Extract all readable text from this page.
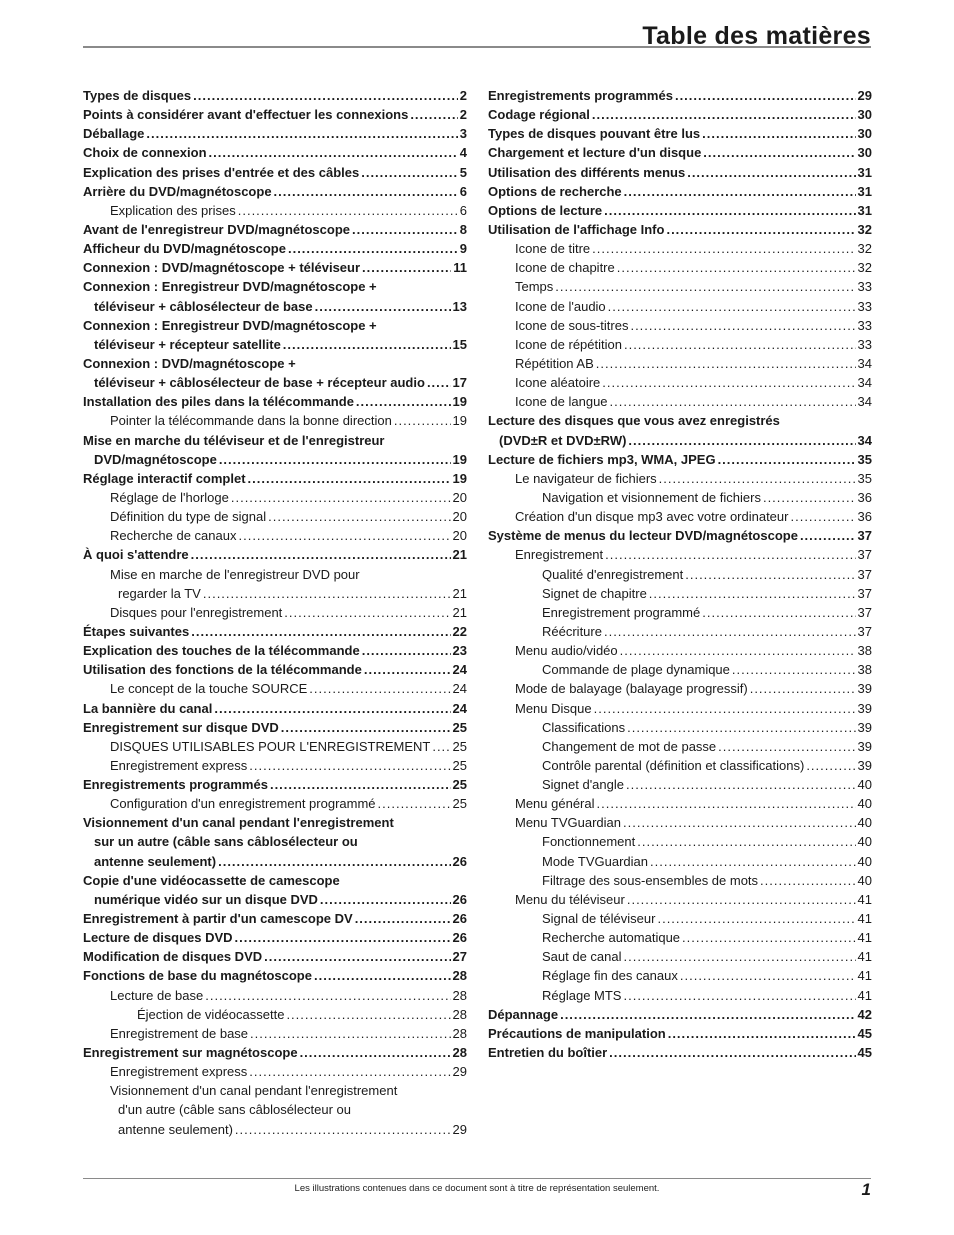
Table des matières
Types de disques .....	2
Points à considérer avant d'effectuer les connexions .....	2
Déballage .....	3
Choix de connexion .....	4
Explication des prises d'entrée et des câbles .....	5
Arrière du DVD/magnétoscope .....	6
Explication des prises .....	6
Avant de l'enregistreur DVD/magnétoscope .....	8
Afficheur du DVD/magnétoscope .....	9
Connexion : DVD/magnétoscope + téléviseur .....	11
Connexion : Enregistreur DVD/magnétoscope +
téléviseur + câblosélecteur de base .....	13
Connexion : Enregistreur DVD/magnétoscope +
téléviseur + récepteur satellite .....	15
Connexion : DVD/magnétoscope +
téléviseur + câblosélecteur de base + récepteur audio ..... 17
Installation des piles dans la télécommande .....	19
Pointer la télécommande dans la bonne direction .....	19
Mise en marche du téléviseur et de l'enregistreur
DVD/magnétoscope .....	19
Réglage interactif complet .....	19
Réglage de l'horloge .....	20
Définition du type de signal .....	20
Recherche de canaux .....	20
À quoi s'attendre .....	21
Mise en marche de l'enregistreur DVD pour
regarder la TV .....	21
Disques pour l'enregistrement .....	21
Étapes suivantes .....	22
Explication des touches de la télécommande .....	23
Utilisation des fonctions de la télécommande .....	24
Le concept de la touche SOURCE .....	24
La bannière du canal .....	24
Enregistrement sur disque DVD .....	25
DISQUES UTILISABLES POUR L'ENREGISTREMENT ..... 25
Enregistrement express .....	25
Enregistrements programmés .....	25
Configuration d'un enregistrement programmé .....	25
Visionnement d'un canal pendant l'enregistrement
sur un autre (câble sans câblosélecteur ou
antenne seulement) .....	26
Copie d'une vidéocassette de camescope
numérique vidéo sur un disque DVD .....	26
Enregistrement à partir d'un camescope DV .....	26
Lecture de disques DVD .....	26
Modification de disques DVD .....	27
Fonctions de base du magnétoscope .....	28
Lecture de base .....	28
Éjection de vidéocassette .....	28
Enregistrement de base .....	28
Enregistrement sur magnétoscope .....	28
Enregistrement express .....	29
Visionnement d'un canal pendant l'enregistrement
d'un autre (câble sans câblosélecteur ou
antenne seulement) .....	29
Enregistrements programmés .....	29
Codage régional .....	30
Types de disques pouvant être lus .....	30
Chargement et lecture d'un disque .....	30
Utilisation des différents menus .....	31
Options de recherche .....	31
Options de lecture .....	31
Utilisation de l'affichage Info .....	32
Icone de titre .....	32
Icone de chapitre .....	32
Temps .....	33
Icone de l'audio .....	33
Icone de sous-titres .....	33
Icone de répétition .....	33
Répétition AB .....	34
Icone aléatoire .....	34
Icone de langue .....	34
Lecture des disques que vous avez enregistrés
(DVD±R et DVD±RW) .....	34
Lecture de fichiers mp3, WMA, JPEG .....	35
Le navigateur de fichiers .....	35
Navigation et visionnement de fichiers .....	36
Création d'un disque mp3 avec votre ordinateur .....	36
Système de menus du lecteur DVD/magnétoscope .....	37
Enregistrement .....	37
Qualité d'enregistrement .....	37
Signet de chapitre .....	37
Enregistrement programmé .....	37
Réécriture .....	37
Menu audio/vidéo .....	38
Commande de plage dynamique .....	38
Mode de balayage (balayage progressif) .....	39
Menu Disque .....	39
Classifications .....	39
Changement de mot de passe .....	39
Contrôle parental (définition et classifications) .....	39
Signet d'angle .....	40
Menu général .....	40
Menu TVGuardian .....	40
Fonctionnement .....	40
Mode TVGuardian .....	40
Filtrage des sous-ensembles de mots .....	40
Menu du téléviseur .....	41
Signal de téléviseur .....	41
Recherche automatique .....	41
Saut de canal .....	41
Réglage fin des canaux .....	41
Réglage MTS .....	41
Dépannage .....	42
Précautions de manipulation .....	45
Entretien du boîtier .....	45
Les illustrations contenues dans ce document sont à titre de représentation seulement.	1
